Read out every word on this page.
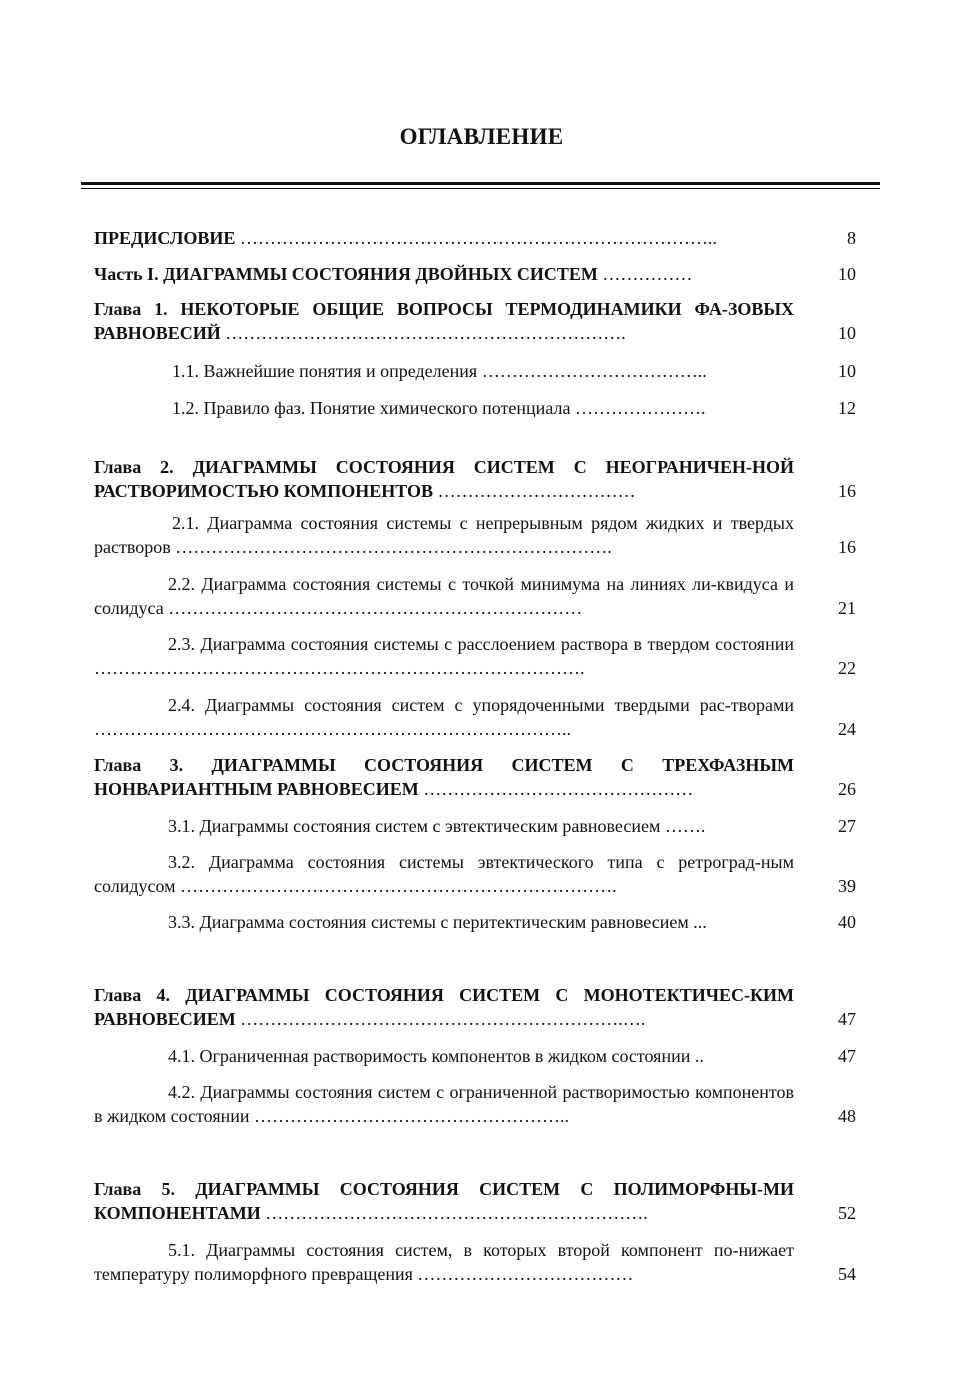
ОГЛАВЛЕНИЕ
ПРЕДИСЛОВИЕ ……………………………………………………………………..	8
Часть I. ДИАГРАММЫ СОСТОЯНИЯ ДВОЙНЫХ СИСТЕМ ……………	10
Глава 1. НЕКОТОРЫЕ ОБЩИЕ ВОПРОСЫ ТЕРМОДИНАМИКИ ФА-ЗОВЫХ РАВНОВЕСИЙ ………………………………………………………….	10
1.1. Важнейшие понятия и определения ………………………………..	10
1.2. Правило фаз. Понятие химического потенциала ………………….	12
Глава 2. ДИАГРАММЫ СОСТОЯНИЯ СИСТЕМ С НЕОГРАНИЧЕН-НОЙ РАСТВОРИМОСТЬЮ КОМПОНЕНТОВ ……………………………	16
2.1. Диаграмма состояния системы с непрерывным рядом жидких и твердых растворов ……………………………………………………………….	16
2.2. Диаграмма состояния системы с точкой минимума на линиях ли-квидуса и солидуса ……………………………………………………………	21
2.3. Диаграмма состояния системы с расслоением раствора в твердом состоянии ……………………………………………………………………….	22
2.4. Диаграммы состояния систем с упорядоченными твердыми рас-творами ……………………………………………………………………..	24
Глава 3. ДИАГРАММЫ СОСТОЯНИЯ СИСТЕМ С ТРЕХФАЗНЫМ НОНВАРИАНТНЫМ РАВНОВЕСИЕМ ………………………………………	26
3.1. Диаграммы состояния систем с эвтектическим равновесием …….	27
3.2. Диаграмма состояния системы эвтектического типа с ретроград-ным солидусом ……………………………………………………………….	39
3.3. Диаграмма состояния системы с перитектическим равновесием ...	40
Глава 4. ДИАГРАММЫ СОСТОЯНИЯ СИСТЕМ С МОНОТЕКТИЧЕС-КИМ РАВНОВЕСИЕМ ……………………………………………………….….	47
4.1. Ограниченная растворимость компонентов в жидком состоянии ..	47
4.2. Диаграммы состояния систем с ограниченной растворимостью компонентов в жидком состоянии ……………………………………………..	48
Глава 5. ДИАГРАММЫ СОСТОЯНИЯ СИСТЕМ С ПОЛИМОРФНЫ-МИ КОМПОНЕНТАМИ ……………………………………………………….	52
5.1. Диаграммы состояния систем, в которых второй компонент по-нижает температуру полиморфного превращения ………………………………	54
